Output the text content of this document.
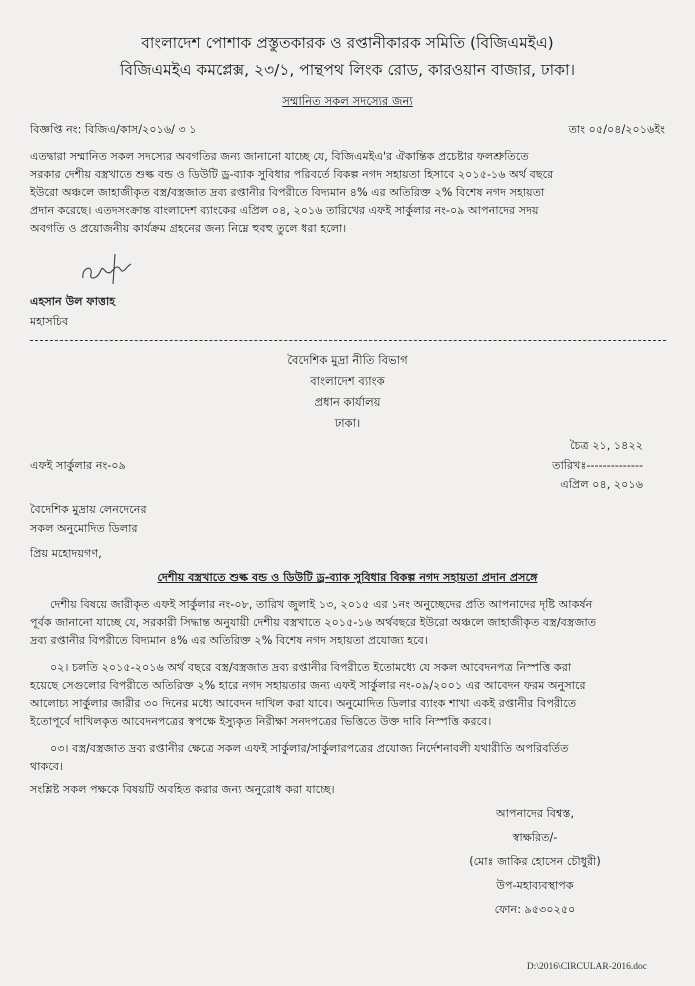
বাংলাদেশ পোশাক প্রস্তুতকারক ও রপ্তানীকারক সমিতি (বিজিএমইএ)
বিজিএমইএ কমপ্লেক্স, ২৩/১, পান্থপথ লিংক রোড, কারওয়ান বাজার, ঢাকা।
সম্মানিত সকল সদস্যের জন্য
বিজ্ঞপ্তি নং: বিজিএ/কাস/২০১৬/ ৩ ১	তাং ০৫/০৪/২০১৬ইং
এতদ্বারা সম্মানিত সকল সদস্যের অবগতির জন্য জানানো যাচ্ছে যে, বিজিএমইএ'র ঐকান্তিক প্রচেষ্টার ফলশ্রুতিতে
সরকার দেশীয় বস্ত্রখাতে শুল্ক বন্ড ও ডিউটি ড্র-ব্যাক সুবিধার পরিবর্তে বিকল্প নগদ সহায়তা হিসাবে ২০১৫-১৬ অর্থ বছরে
ইউরো অঞ্চলে জাহাজীকৃত বস্ত্র/বস্ত্রজাত দ্রব্য রপ্তানীর বিপরীতে বিদ্যমান ৪% এর অতিরিক্ত ২% বিশেষ নগদ সহায়তা
প্রদান করেছে। এতদসংক্রান্ত বাংলাদেশ ব্যাংকের এপ্রিল ০৪, ২০১৬ তারিখের এফই সার্কুলার নং-০৯ আপনাদের সদয়
অবগতি ও প্রয়োজনীয় কার্যক্রম গ্রহনের জন্য নিম্নে হুবহু তুলে ধরা হলো।
এহসান উল ফাত্তাহ
মহাসচিব
বৈদেশিক মুদ্রা নীতি বিভাগ
বাংলাদেশ ব্যাংক
প্রধান কার্যালয়
ঢাকা।
চৈত্র ২১, ১৪২২
এফই সার্কুলার নং-০৯	তারিখঃ--------------
এপ্রিল ০৪, ২০১৬
বৈদেশিক মুদ্রায় লেনদেনের
সকল অনুমোদিত ডিলার
প্রিয় মহোদয়গণ,
দেশীয় বস্ত্রখাতে শুল্ক বন্ড ও ডিউটি ড্র-ব্যাক সুবিধার বিকল্প নগদ সহায়তা প্রদান প্রসঙ্গে
দেশীয় বিষয়ে জারীকৃত এফই সার্কুলার নং-০৮, তারিখ জুলাই ১৩, ২০১৫ এর ১নং অনুচ্ছেদের প্রতি আপনাদের দৃষ্টি আকর্ষন
পূর্বক জানানো যাচ্ছে যে, সরকারী সিদ্ধান্ত অনুযায়ী দেশীয় বস্ত্রখাতে ২০১৫-১৬ অর্থবছরে ইউরো অঞ্চলে জাহাজীকৃত বস্ত্র/বস্ত্রজাত
দ্রব্য রপ্তানীর বিপরীতে বিদ্যমান ৪% এর অতিরিক্ত ২% বিশেষ নগদ সহায়তা প্রযোজ্য হবে।
০২। চলতি ২০১৫-২০১৬ অর্থ বছরে বস্ত্র/বস্ত্রজাত দ্রব্য রপ্তানীর বিপরীতে ইতোমধ্যে যে সকল আবেদনপত্র নিস্পত্তি করা
হয়েছে সেগুলোর বিপরীতে অতিরিক্ত ২% হারে নগদ সহায়তার জন্য এফই সার্কুলার নং-০৯/২০০১ এর আবেদন ফরম অনুসারে
আলোচ্য সার্কুলার জারীর ৩০ দিনের মধ্যে আবেদন দাখিল করা যাবে। অনুমোদিত ডিলার ব্যাংক শাখা একই রপ্তানীর বিপরীতে
ইতোপূর্বে দাখিলকৃত আবেদনপত্রের স্বপক্ষে ইস্যুকৃত নিরীক্ষা সনদপত্রের ভিত্তিতে উক্ত দাবি নিস্পত্তি করবে।
০৩। বস্ত্র/বস্ত্রজাত দ্রব্য রপ্তানীর ক্ষেত্রে সকল এফই সার্কুলার/সার্কুলারপত্রের প্রযোজ্য নির্দেশনাবলী যথারীতি অপরিবর্তিত
থাকবে।
সংশ্লিষ্ট সকল পক্ষকে বিষয়টি অবহিত করার জন্য অনুরোধ করা যাচ্ছে।
আপনাদের বিশ্বস্ত,
স্বাক্ষরিত/-
(মোঃ জাকির হোসেন চৌধুরী)
উপ-মহাব্যবস্থাপক
ফোন: ৯৫৩০২৫০
D:\2016\CIRCULAR-2016.doc
